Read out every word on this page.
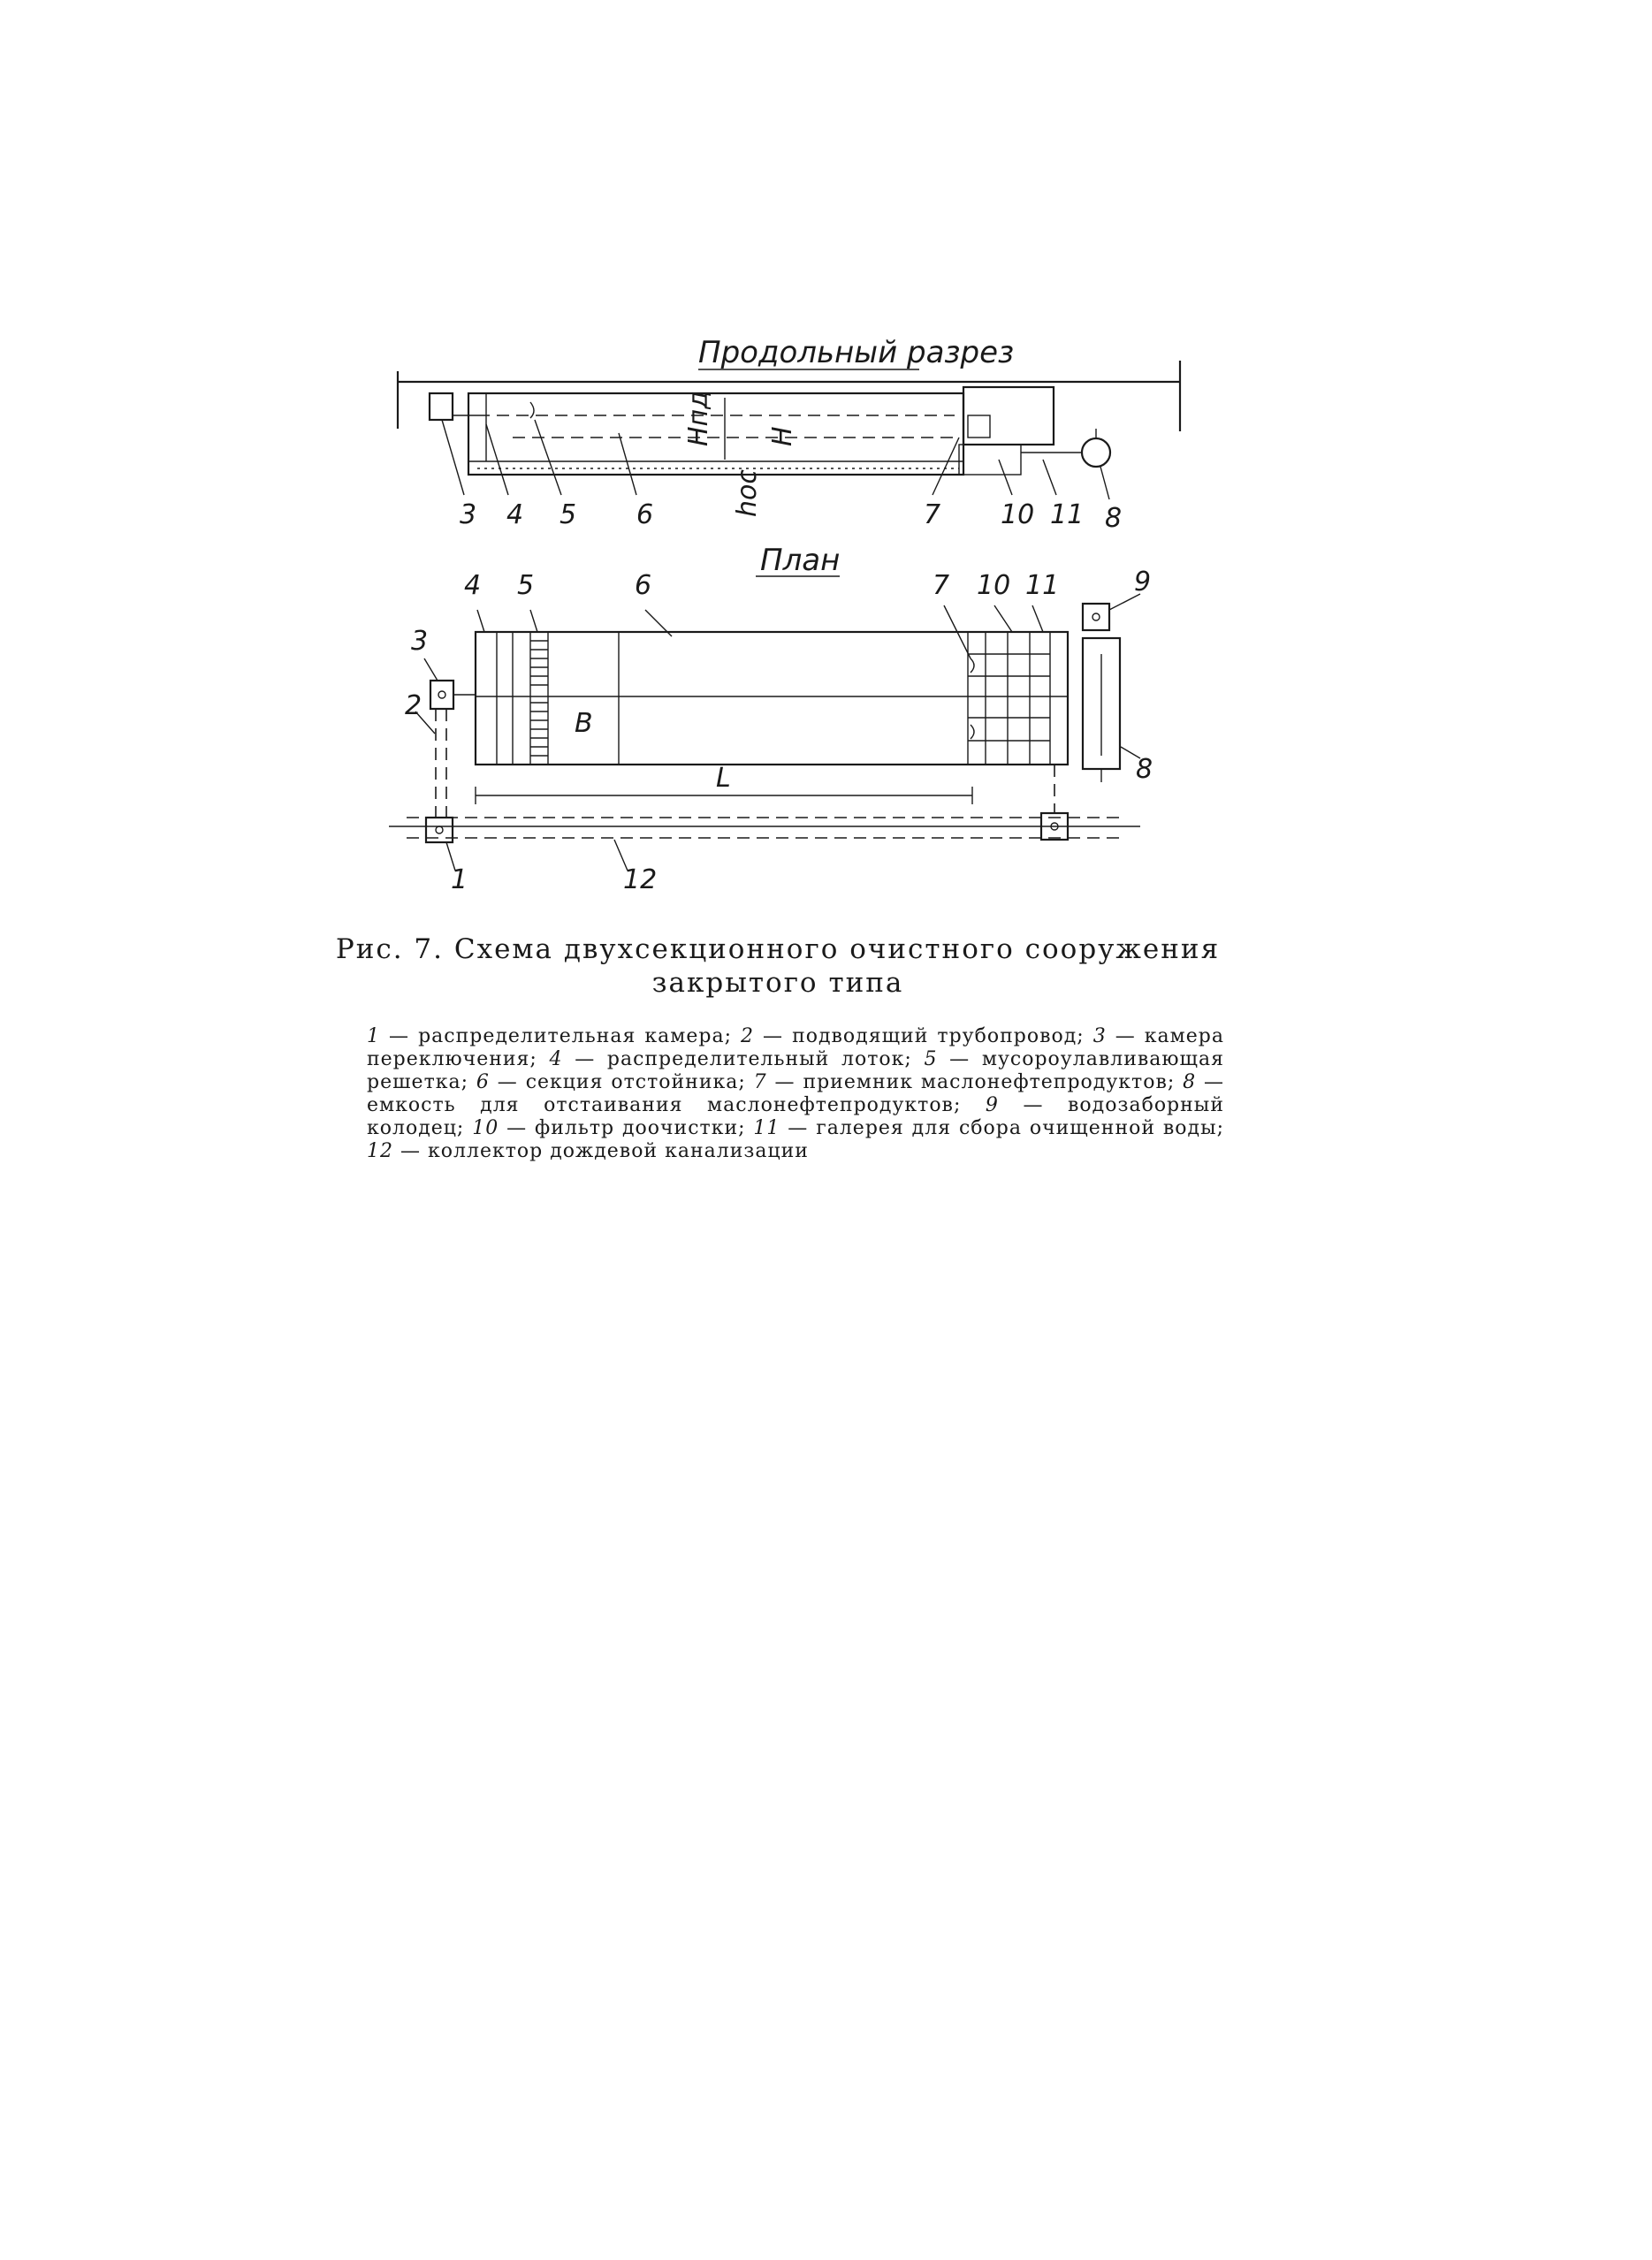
Продольный разрез
Hпд H
hос
3 4 5 6	7 10 11 8
План
B
L
4 5	6	7 10 11	9
3
2
1	12
8
Рис. 7. Схема двухсекционного очистного сооружения
закрытого типа
1 — распределительная камера; 2 — подводящий трубопровод; 3 — камера переключения; 4 — распределительный лоток; 5 — мусороулавливающая решетка; 6 — секция отстойника; 7 — приемник маслонефтепродуктов; 8 — емкость для отстаивания маслонефтепродуктов; 9 — водозаборный колодец; 10 — фильтр доочистки; 11 — галерея для сбора очищенной воды; 12 — коллектор дождевой канализации
